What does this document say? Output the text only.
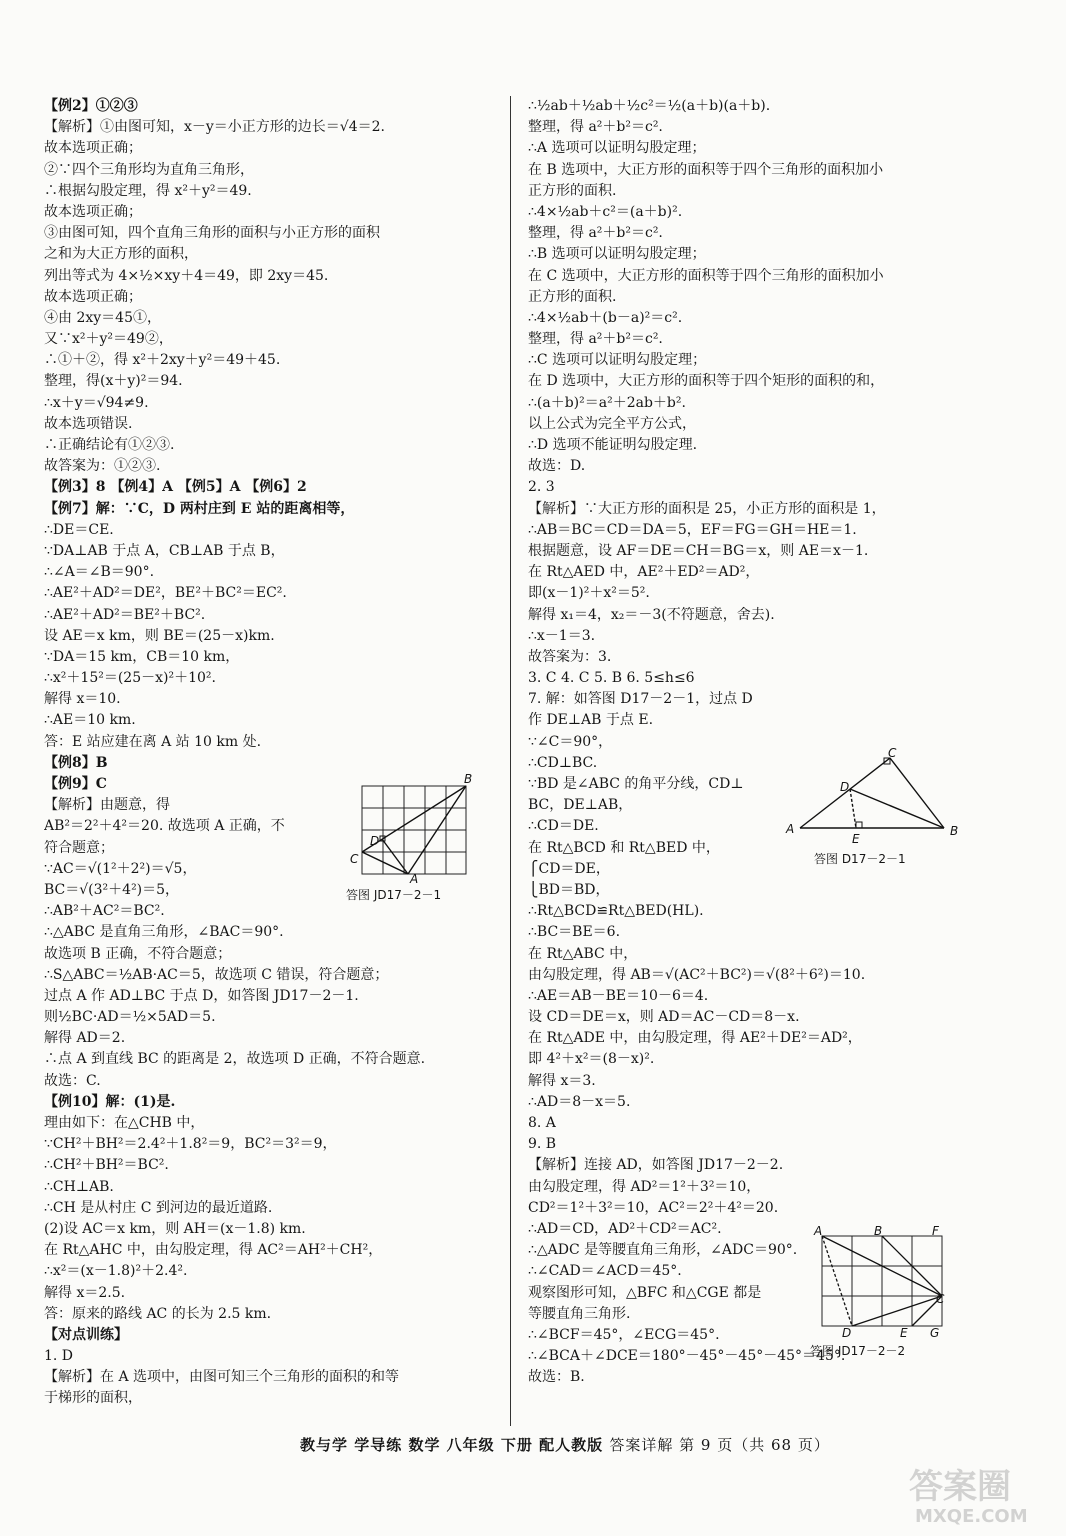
【例2】①②③
【解析】①由图可知，x－y＝小正方形的边长＝√4＝2.
故本选项正确；
②∵四个三角形均为直角三角形，
∴根据勾股定理，得 x²＋y²＝49.
故本选项正确；
③由图可知，四个直角三角形的面积与小正方形的面积
之和为大正方形的面积，
列出等式为 4×½×xy＋4＝49，即 2xy＝45.
故本选项正确；
④由 2xy＝45①，
又∵x²＋y²＝49②，
∴①＋②，得 x²＋2xy＋y²＝49＋45.
整理，得(x＋y)²＝94.
∴x＋y＝√94≠9.
故本选项错误.
∴正确结论有①②③.
故答案为：①②③.
【例3】8 【例4】A 【例5】A 【例6】2
【例7】解：∵C，D 两村庄到 E 站的距离相等，
∴DE＝CE.
∵DA⊥AB 于点 A，CB⊥AB 于点 B，
∴∠A＝∠B＝90°.
∴AE²＋AD²＝DE²，BE²＋BC²＝EC².
∴AE²＋AD²＝BE²＋BC².
设 AE＝x km，则 BE＝(25－x)km.
∵DA＝15 km，CB＝10 km，
∴x²＋15²＝(25－x)²＋10².
解得 x＝10.
∴AE＝10 km.
答：E 站应建在离 A 站 10 km 处.
【例8】B
【例9】C
【解析】由题意，得
AB²＝2²＋4²＝20. 故选项 A 正确，不
符合题意；
∵AC＝√(1²＋2²)＝√5，
BC＝√(3²＋4²)＝5，
∴AB²＋AC²＝BC².
∴△ABC 是直角三角形，∠BAC＝90°.
故选项 B 正确，不符合题意；
∴S△ABC＝½AB·AC＝5，故选项 C 错误，符合题意；
过点 A 作 AD⊥BC 于点 D，如答图 JD17－2－1.
则½BC·AD＝½×5AD＝5.
解得 AD＝2.
∴点 A 到直线 BC 的距离是 2，故选项 D 正确，不符合题意.
故选：C.
【例10】解：(1)是.
理由如下：在△CHB 中，
∵CH²＋BH²＝2.4²＋1.8²＝9，BC²＝3²＝9，
∴CH²＋BH²＝BC².
∴CH⊥AB.
∴CH 是从村庄 C 到河边的最近道路.
(2)设 AC＝x km，则 AH＝(x－1.8) km.
在 Rt△AHC 中，由勾股定理，得 AC²＝AH²＋CH²，
∴x²＝(x－1.8)²＋2.4².
解得 x＝2.5.
答：原来的路线 AC 的长为 2.5 km.
【对点训练】
1. D
【解析】在 A 选项中，由图可知三个三角形的面积的和等
于梯形的面积，
∴½ab＋½ab＋½c²＝½(a＋b)(a＋b).
整理，得 a²＋b²＝c².
∴A 选项可以证明勾股定理；
在 B 选项中，大正方形的面积等于四个三角形的面积加小
正方形的面积.
∴4×½ab＋c²＝(a＋b)².
整理，得 a²＋b²＝c².
∴B 选项可以证明勾股定理；
在 C 选项中，大正方形的面积等于四个三角形的面积加小
正方形的面积.
∴4×½ab＋(b－a)²＝c².
整理，得 a²＋b²＝c².
∴C 选项可以证明勾股定理；
在 D 选项中，大正方形的面积等于四个矩形的面积的和，
∴(a＋b)²＝a²＋2ab＋b².
以上公式为完全平方公式，
∴D 选项不能证明勾股定理.
故选：D.
2. 3
【解析】∵大正方形的面积是 25，小正方形的面积是 1，
∴AB＝BC＝CD＝DA＝5，EF＝FG＝GH＝HE＝1.
根据题意，设 AF＝DE＝CH＝BG＝x，则 AE＝x－1.
在 Rt△AED 中，AE²＋ED²＝AD²，
即(x－1)²＋x²＝5².
解得 x₁＝4，x₂＝－3(不符题意，舍去).
∴x－1＝3.
故答案为：3.
3. C 4. C 5. B 6. 5≤h≤6
7. 解：如答图 D17－2－1，过点 D
作 DE⊥AB 于点 E.
∵∠C＝90°，
∴CD⊥BC.
∵BD 是∠ABC 的角平分线，CD⊥
BC，DE⊥AB，
∴CD＝DE.
在 Rt△BCD 和 Rt△BED 中，
⎧CD＝DE，
⎩BD＝BD，
∴Rt△BCD≌Rt△BED(HL).
∴BC＝BE＝6.
在 Rt△ABC 中，
由勾股定理，得 AB＝√(AC²＋BC²)＝√(8²＋6²)＝10.
∴AE＝AB－BE＝10－6＝4.
设 CD＝DE＝x，则 AD＝AC－CD＝8－x.
在 Rt△ADE 中，由勾股定理，得 AE²＋DE²＝AD²，
即 4²＋x²＝(8－x)².
解得 x＝3.
∴AD＝8－x＝5.
8. A
9. B
【解析】连接 AD，如答图 JD17－2－2.
由勾股定理，得 AD²＝1²＋3²＝10，
CD²＝1²＋3²＝10，AC²＝2²＋4²＝20.
∴AD＝CD，AD²＋CD²＝AC².
∴△ADC 是等腰直角三角形，∠ADC＝90°.
∴∠CAD＝∠ACD＝45°.
观察图形可知，△BFC 和△CGE 都是
等腰直角三角形.
∴∠BCF＝45°，∠ECG＝45°.
∴∠BCA＋∠DCE＝180°－45°－45°－45°＝45°.
故选：B.
B
C
D
A
答图 JD17－2－1
A	B
C
D
E
答图 D17－2－1
A	B	F
C
D	E G
答图 JD17－2－2
教与学 学导练 数学 八年级 下册 配人教版 答案详解 第 9 页（共 68 页）
答案圈
MXQE.COM
